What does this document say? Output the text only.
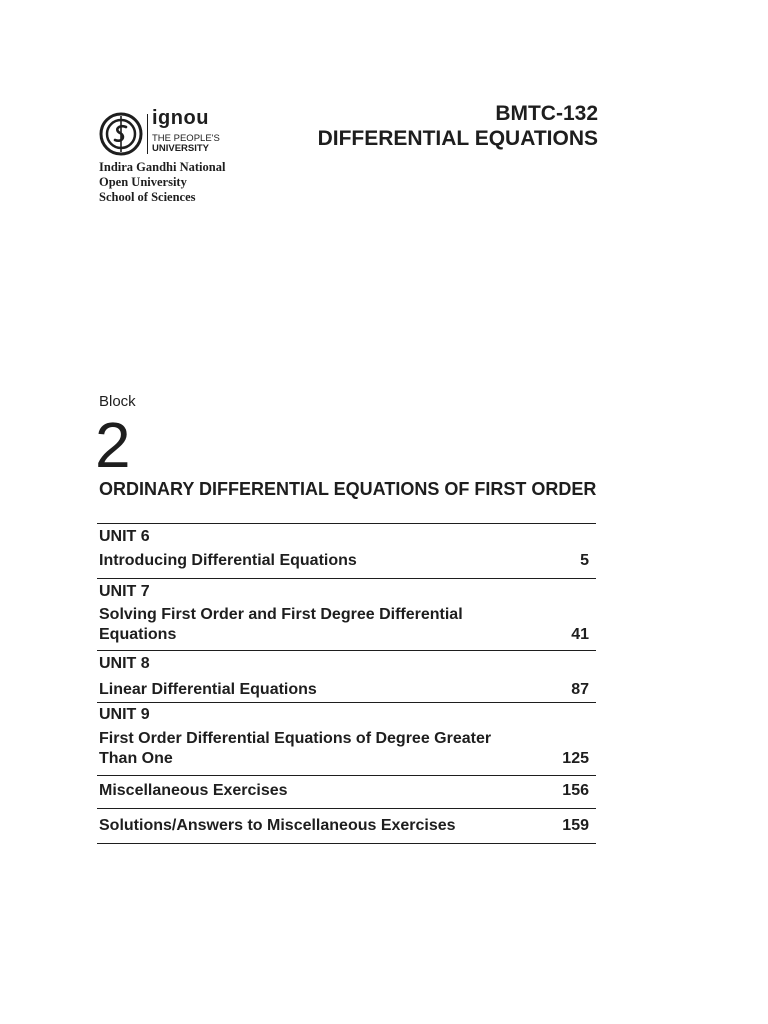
ignou
THE PEOPLE'S
UNIVERSITY
Indira Gandhi National
Open University
School of Sciences
BMTC-132
DIFFERENTIAL EQUATIONS
Block
2
ORDINARY DIFFERENTIAL EQUATIONS OF FIRST ORDER
UNIT 6
Introducing Differential Equations	5
UNIT 7
Solving First Order and First Degree Differential Equations	41
UNIT 8
Linear Differential Equations	87
UNIT 9
First Order Differential Equations of Degree Greater Than One	125
Miscellaneous Exercises	156
Solutions/Answers to Miscellaneous Exercises	159
